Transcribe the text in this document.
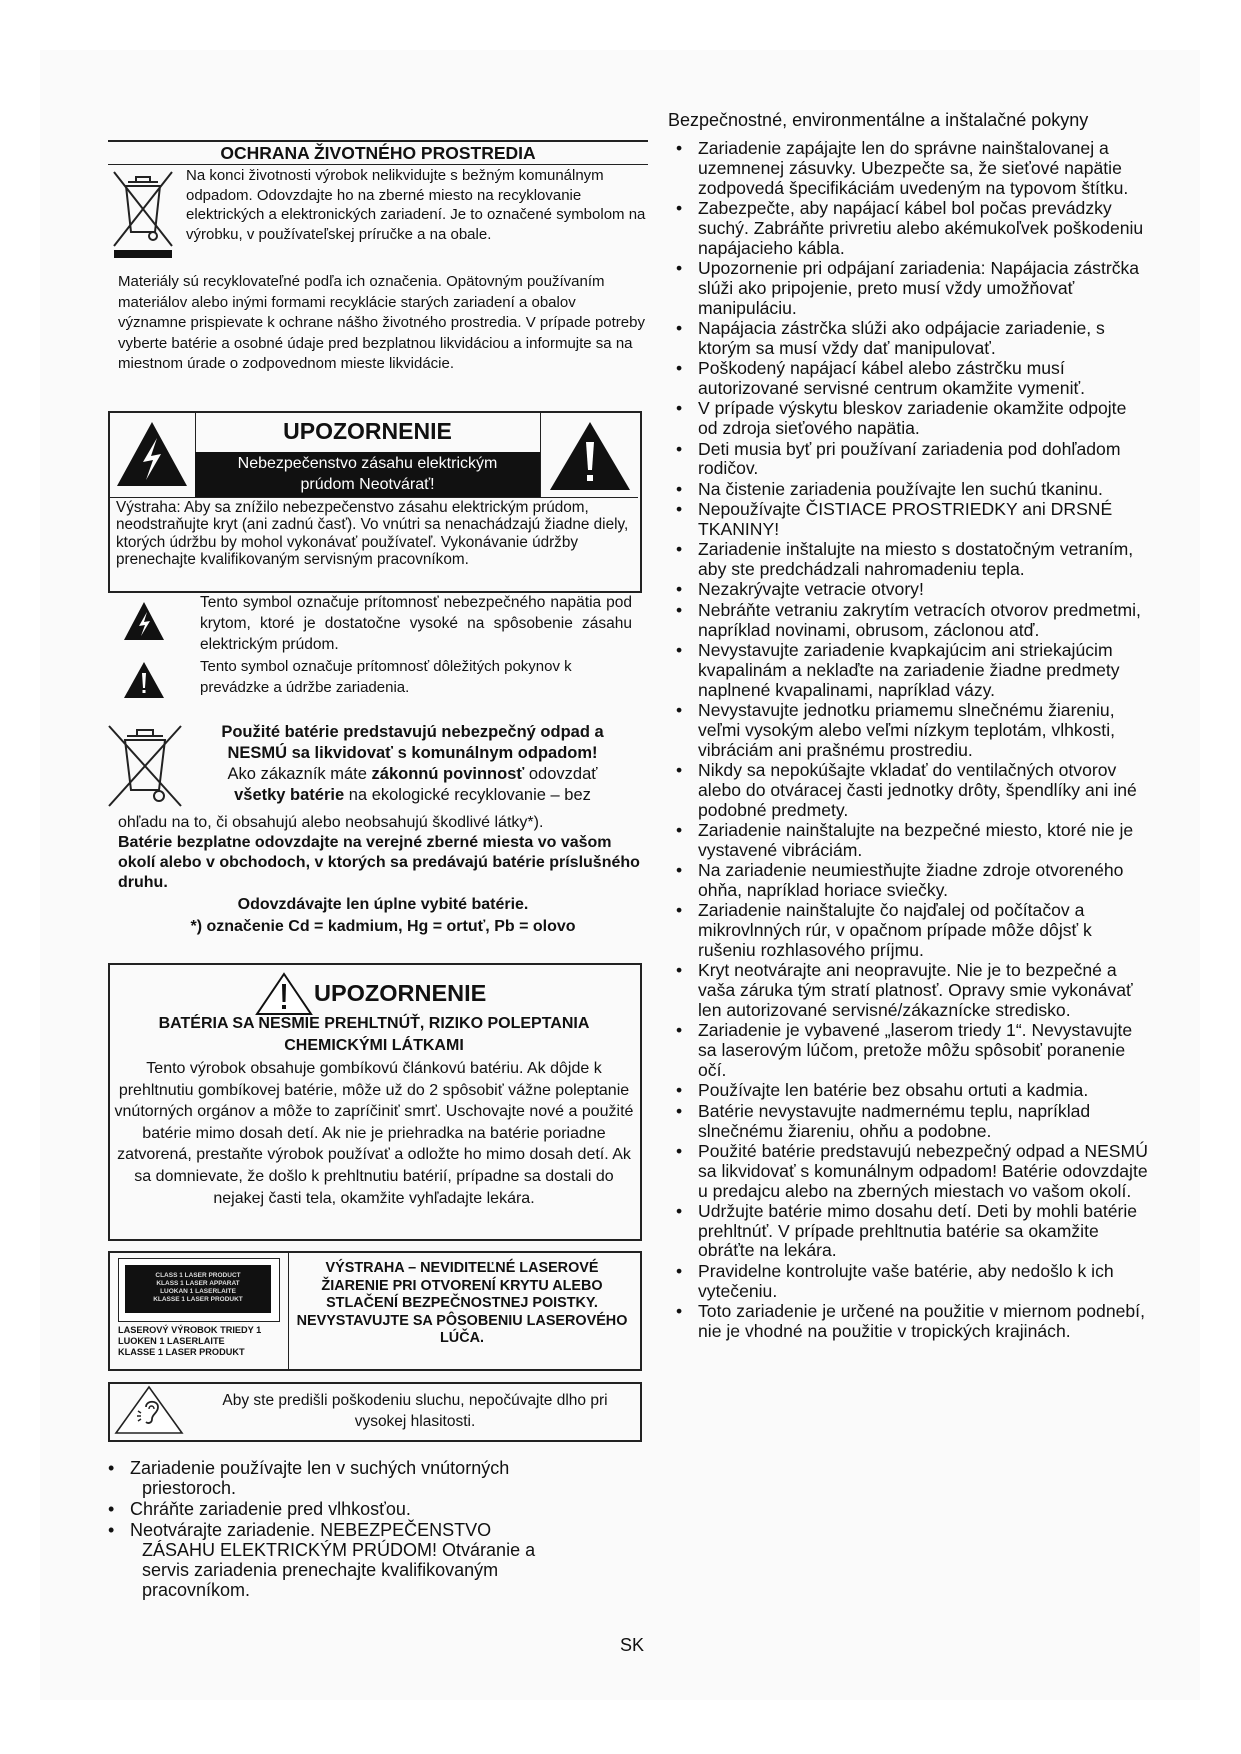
OCHRANA ŽIVOTNÉHO PROSTREDIA
Na konci životnosti výrobok nelikvidujte s bežným komunálnym odpadom. Odovzdajte ho na zberné miesto na recyklovanie elektrických a elektronických zariadení. Je to označené symbolom na výrobku, v používateľskej príručke a na obale.
Materiály sú recyklovateľné podľa ich označenia. Opätovným používaním materiálov alebo inými formami recyklácie starých zariadení a obalov významne prispievate k ochrane nášho životného prostredia. V prípade potreby vyberte batérie a osobné údaje pred bezplatnou likvidáciou a informujte sa na miestnom úrade o zodpovednom mieste likvidácie.
UPOZORNENIE
Nebezpečenstvo zásahu elektrickým
prúdom Neotvárať!
Výstraha: Aby sa znížilo nebezpečenstvo zásahu elektrickým prúdom, neodstraňujte kryt (ani zadnú časť). Vo vnútri sa nenachádzajú žiadne diely, ktorých údržbu by mohol vykonávať používateľ. Vykonávanie údržby prenechajte kvalifikovaným servisným pracovníkom.
Tento symbol označuje prítomnosť nebezpečného napätia pod krytom, ktoré je dostatočne vysoké na spôsobenie zásahu elektrickým prúdom.
Tento symbol označuje prítomnosť dôležitých pokynov k prevádzke a údržbe zariadenia.
Použité batérie predstavujú nebezpečný odpad a
NESMÚ sa likvidovať s komunálnym odpadom!
Ako zákazník máte zákonnú povinnosť odovzdať
všetky batérie na ekologické recyklovanie – bez
ohľadu na to, či obsahujú alebo neobsahujú škodlivé látky*).
Batérie bezplatne odovzdajte na verejné zberné miesta vo vašom okolí alebo v obchodoch, v ktorých sa predávajú batérie príslušného druhu.
Odovzdávajte len úplne vybité batérie.
*) označenie Cd = kadmium, Hg = ortuť, Pb = olovo
UPOZORNENIE
BATÉRIA SA NESMIE PREHLTNÚŤ, RIZIKO POLEPTANIA
CHEMICKÝMI LÁTKAMI
Tento výrobok obsahuje gombíkovú článkovú batériu. Ak dôjde k prehltnutiu gombíkovej batérie, môže už do 2 spôsobiť vážne poleptanie vnútorných orgánov a môže to zapríčiniť smrť. Uschovajte nové a použité batérie mimo dosah detí. Ak nie je priehradka na batérie poriadne zatvorená, prestaňte výrobok používať a odložte ho mimo dosah detí. Ak sa domnievate, že došlo k prehltnutiu batérií, prípadne sa dostali do nejakej časti tela, okamžite vyhľadajte lekára.
CLASS 1 LASER PRODUCT
KLASS 1 LASER APPARAT
LUOKAN 1 LASERLAITE
KLASSE 1 LASER PRODUKT
LASEROVÝ VÝROBOK TRIEDY 1
LUOKEN 1 LASERLAITE
KLASSE 1 LASER PRODUKT
VÝSTRAHA – NEVIDITEĽNÉ LASEROVÉ ŽIARENIE PRI OTVORENÍ KRYTU ALEBO STLAČENÍ BEZPEČNOSTNEJ POISTKY. NEVYSTAVUJTE SA PÔSOBENIU LASEROVÉHO LÚČA.
Aby ste predišli poškodeniu sluchu, nepočúvajte dlho pri vysokej hlasitosti.
• Zariadenie používajte len v suchých vnútorných
priestoroch.
• Chráňte zariadenie pred vlhkosťou.
• Neotvárajte zariadenie. NEBEZPEČENSTVO
ZÁSAHU ELEKTRICKÝM PRÚDOM! Otváranie a servis zariadenia prenechajte kvalifikovaným pracovníkom.
Bezpečnostné, environmentálne a inštalačné pokyny
• Zariadenie zapájajte len do správne nainštalovanej a uzemnenej zásuvky. Ubezpečte sa, že sieťové napätie zodpovedá špecifikáciám uvedeným na typovom štítku.
• Zabezpečte, aby napájací kábel bol počas prevádzky suchý. Zabráňte privretiu alebo akémukoľvek poškodeniu napájacieho kábla.
• Upozornenie pri odpájaní zariadenia: Napájacia zástrčka slúži ako pripojenie, preto musí vždy umožňovať manipuláciu.
• Napájacia zástrčka slúži ako odpájacie zariadenie, s ktorým sa musí vždy dať manipulovať.
• Poškodený napájací kábel alebo zástrčku musí autorizované servisné centrum okamžite vymeniť.
• V prípade výskytu bleskov zariadenie okamžite odpojte od zdroja sieťového napätia.
• Deti musia byť pri používaní zariadenia pod dohľadom rodičov.
• Na čistenie zariadenia používajte len suchú tkaninu.
• Nepoužívajte ČISTIACE PROSTRIEDKY ani DRSNÉ TKANINY!
• Zariadenie inštalujte na miesto s dostatočným vetraním, aby ste predchádzali nahromadeniu tepla.
• Nezakrývajte vetracie otvory!
• Nebráňte vetraniu zakrytím vetracích otvorov predmetmi, napríklad novinami, obrusom, záclonou atď.
• Nevystavujte zariadenie kvapkajúcim ani striekajúcim kvapalinám a neklaďte na zariadenie žiadne predmety naplnené kvapalinami, napríklad vázy.
• Nevystavujte jednotku priamemu slnečnému žiareniu, veľmi vysokým alebo veľmi nízkym teplotám, vlhkosti, vibráciám ani prašnému prostrediu.
• Nikdy sa nepokúšajte vkladať do ventilačných otvorov alebo do otváracej časti jednotky drôty, špendlíky ani iné podobné predmety.
• Zariadenie nainštalujte na bezpečné miesto, ktoré nie je vystavené vibráciám.
• Na zariadenie neumiestňujte žiadne zdroje otvoreného ohňa, napríklad horiace sviečky.
• Zariadenie nainštalujte čo najďalej od počítačov a mikrovlnných rúr, v opačnom prípade môže dôjsť k rušeniu rozhlasového príjmu.
• Kryt neotvárajte ani neopravujte. Nie je to bezpečné a vaša záruka tým stratí platnosť. Opravy smie vykonávať len autorizované servisné/zákaznícke stredisko.
• Zariadenie je vybavené „laserom triedy 1“. Nevystavujte sa laserovým lúčom, pretože môžu spôsobiť poranenie očí.
• Používajte len batérie bez obsahu ortuti a kadmia.
• Batérie nevystavujte nadmernému teplu, napríklad slnečnému žiareniu, ohňu a podobne.
• Použité batérie predstavujú nebezpečný odpad a NESMÚ sa likvidovať s komunálnym odpadom! Batérie odovzdajte u predajcu alebo na zberných miestach vo vašom okolí.
• Udržujte batérie mimo dosahu detí. Deti by mohli batérie prehltnúť. V prípade prehltnutia batérie sa okamžite obráťte na lekára.
• Pravidelne kontrolujte vaše batérie, aby nedošlo k ich vytečeniu.
• Toto zariadenie je určené na použitie v miernom podnebí, nie je vhodné na použitie v tropických krajinách.
SK
